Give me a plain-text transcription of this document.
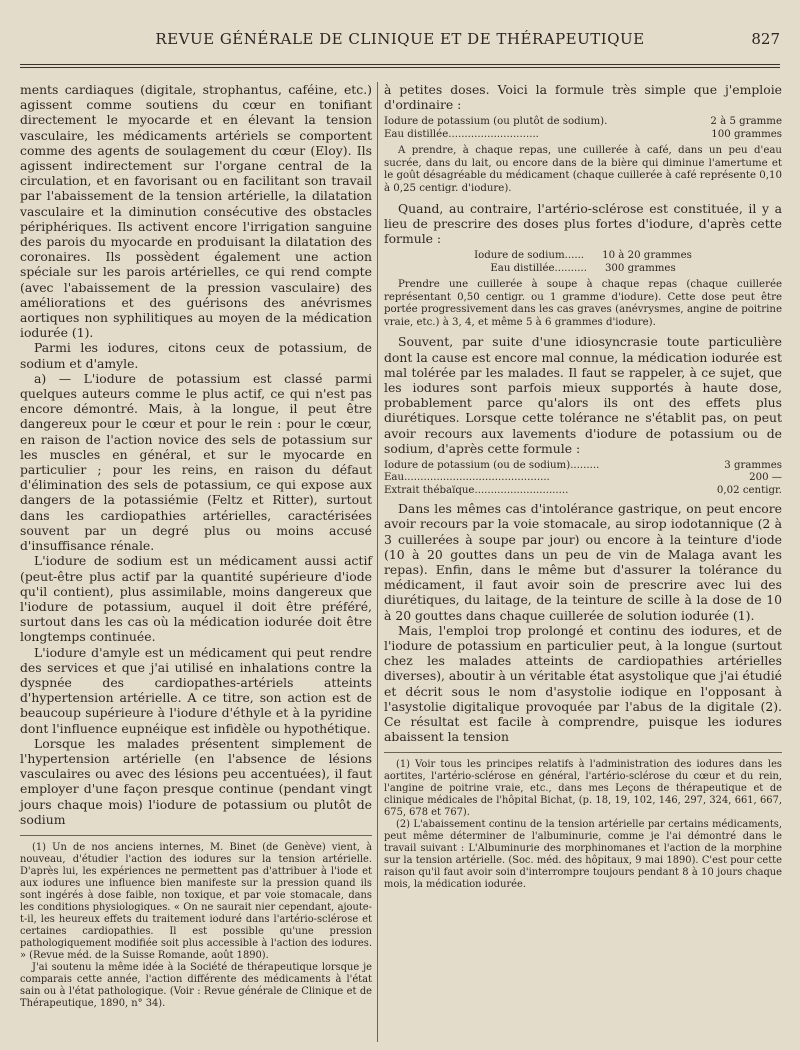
REVUE GÉNÉRALE DE CLINIQUE ET DE THÉRAPEUTIQUE	827

ments cardiaques (digitale, strophantus, caféine, etc.) agissent comme soutiens du cœur en tonifiant directement le myocarde et en élevant la tension vasculaire, les médicaments artériels se comportent comme des agents de soulagement du cœur (Eloy). Ils agissent indirectement sur l'organe central de la circulation, et en favorisant ou en facilitant son travail par l'abaissement de la tension artérielle, la dilatation vasculaire et la diminution consécutive des obstacles périphériques. Ils activent encore l'irrigation sanguine des parois du myocarde en produisant la dilatation des coronaires. Ils possèdent également une action spéciale sur les parois artérielles, ce qui rend compte (avec l'abaissement de la pression vasculaire) des améliorations et des guérisons des anévrismes aortiques non syphilitiques au moyen de la médication iodurée (1).

Parmi les iodures, citons ceux de potassium, de sodium et d'amyle.

a) — L'iodure de potassium est classé parmi quelques auteurs comme le plus actif, ce qui n'est pas encore démontré. Mais, à la longue, il peut être dangereux pour le cœur et pour le rein : pour le cœur, en raison de l'action novice des sels de potassium sur les muscles en général, et sur le myocarde en particulier ; pour les reins, en raison du défaut d'élimination des sels de potassium, ce qui expose aux dangers de la potassiémie (Feltz et Ritter), surtout dans les cardiopathies artérielles, caractérisées souvent par un degré plus ou moins accusé d'insuffisance rénale.

L'iodure de sodium est un médicament aussi actif (peut-être plus actif par la quantité supérieure d'iode qu'il contient), plus assimilable, moins dangereux que l'iodure de potassium, auquel il doit être préféré, surtout dans les cas où la médication iodurée doit être longtemps continuée.

L'iodure d'amyle est un médicament qui peut rendre des services et que j'ai utilisé en inhalations contre la dyspnée des cardiopathes-artériels atteints d'hypertension artérielle. A ce titre, son action est de beaucoup supérieure à l'iodure d'éthyle et à la pyridine dont l'influence eupnéique est infidèle ou hypothétique.

Lorsque les malades présentent simplement de l'hypertension artérielle (en l'absence de lésions vasculaires ou avec des lésions peu accentuées), il faut employer d'une façon presque continue (pendant vingt jours chaque mois) l'iodure de potassium ou plutôt de sodium

(1) Un de nos anciens internes, M. Binet (de Genève) vient, à nouveau, d'étudier l'action des iodures sur la tension artérielle. D'après lui, les expériences ne permettent pas d'attribuer à l'iode et aux iodures une influence bien manifeste sur la pression quand ils sont ingérés à dose faible, non toxique, et par voie stomacale, dans les conditions physiologiques. « On ne saurait nier cependant, ajoute-t-il, les heureux effets du traitement ioduré dans l'artério-sclérose et certaines cardiopathies. Il est possible qu'une pression pathologiquement modifiée soit plus accessible à l'action des iodures. » (Revue méd. de la Suisse Romande, août 1890).

J'ai soutenu la même idée à la Société de thérapeutique lorsque je comparais cette année, l'action différente des médicaments à l'état sain ou à l'état pathologique. (Voir : Revue générale de Clinique et de Thérapeutique, 1890, n° 34).

à petites doses. Voici la formule très simple que j'emploie d'ordinaire :

Iodure de potassium (ou plutôt de sodium).	2 à 5 gramme
Eau distillée............................	100 grammes

A prendre, à chaque repas, une cuillerée à café, dans un peu d'eau sucrée, dans du lait, ou encore dans de la bière qui diminue l'amertume et le goût désagréable du médicament (chaque cuillerée à café représente 0,10 à 0,25 centigr. d'iodure).

Quand, au contraire, l'artério-sclérose est constituée, il y a lieu de prescrire des doses plus fortes d'iodure, d'après cette formule :

Iodure de sodium...... 10 à 20 grammes
Eau distillée.......... 300 grammes

Prendre une cuillerée à soupe à chaque repas (chaque cuillerée représentant 0,50 centigr. ou 1 gramme d'iodure). Cette dose peut être portée progressivement dans les cas graves (anévrysmes, angine de poitrine vraie, etc.) à 3, 4, et même 5 à 6 grammes d'iodure).

Souvent, par suite d'une idiosyncrasie toute particulière dont la cause est encore mal connue, la médication iodurée est mal tolérée par les malades. Il faut se rappeler, à ce sujet, que les iodures sont parfois mieux supportés à haute dose, probablement parce qu'alors ils ont des effets plus diurétiques. Lorsque cette tolérance ne s'établit pas, on peut avoir recours aux lavements d'iodure de potassium ou de sodium, d'après cette formule :

Iodure de potassium (ou de sodium).........	3 grammes
Eau.............................................	200 —
Extrait thébaïque.............................	0,02 centigr.

Dans les mêmes cas d'intolérance gastrique, on peut encore avoir recours par la voie stomacale, au sirop iodotannique (2 à 3 cuillerées à soupe par jour) ou encore à la teinture d'iode (10 à 20 gouttes dans un peu de vin de Malaga avant les repas). Enfin, dans le même but d'assurer la tolérance du médicament, il faut avoir soin de prescrire avec lui des diurétiques, du laitage, de la teinture de scille à la dose de 10 à 20 gouttes dans chaque cuillerée de solution iodurée (1).

Mais, l'emploi trop prolongé et continu des iodures, et de l'iodure de potassium en particulier peut, à la longue (surtout chez les malades atteints de cardiopathies artérielles diverses), aboutir à un véritable état asystolique que j'ai étudié et décrit sous le nom d'asystolie iodique en l'opposant à l'asystolie digitalique provoquée par l'abus de la digitale (2). Ce résultat est facile à comprendre, puisque les iodures abaissent la tension

(1) Voir tous les principes relatifs à l'administration des iodures dans les aortites, l'artério-sclérose en général, l'artério-sclérose du cœur et du rein, l'angine de poitrine vraie, etc., dans mes Leçons de thérapeutique et de clinique médicales de l'hôpital Bichat, (p. 18, 19, 102, 146, 297, 324, 661, 667, 675, 678 et 767).

(2) L'abaissement continu de la tension artérielle par certains médicaments, peut même déterminer de l'albuminurie, comme je l'ai démontré dans le travail suivant : L'Albuminurie des morphinomanes et l'action de la morphine sur la tension artérielle. (Soc. méd. des hôpitaux, 9 mai 1890). C'est pour cette raison qu'il faut avoir soin d'interrompre toujours pendant 8 à 10 jours chaque mois, la médication iodurée.
